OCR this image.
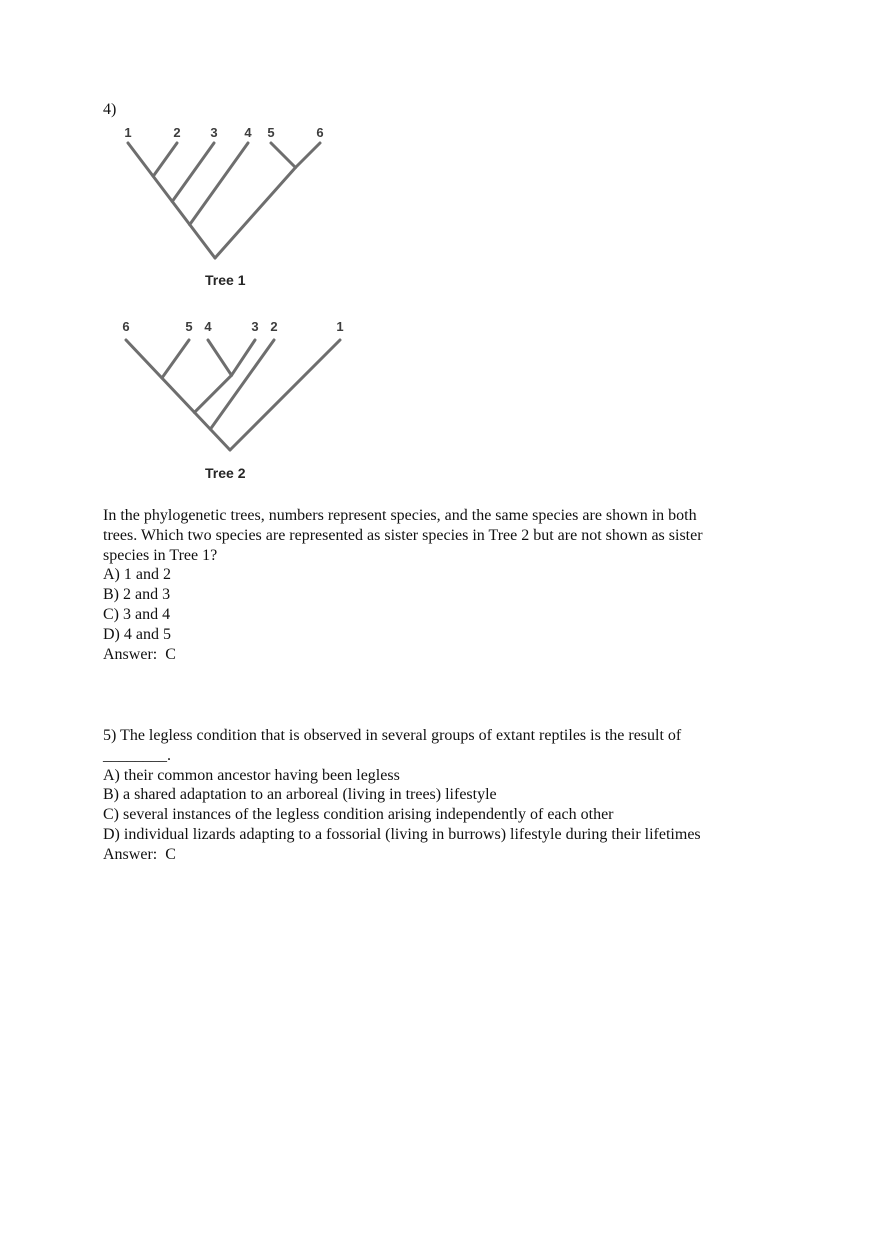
4)
1	2 3 4 5	6
Tree 1
6	5 4	3 2	1
Tree 2
In the phylogenetic trees, numbers represent species, and the same species are shown in both
trees. Which two species are represented as sister species in Tree 2 but are not shown as sister
species in Tree 1?
A) 1 and 2
B) 2 and 3
C) 3 and 4
D) 4 and 5
Answer:  C
5) The legless condition that is observed in several groups of extant reptiles is the result of
________.
A) their common ancestor having been legless
B) a shared adaptation to an arboreal (living in trees) lifestyle
C) several instances of the legless condition arising independently of each other
D) individual lizards adapting to a fossorial (living in burrows) lifestyle during their lifetimes
Answer:  C
